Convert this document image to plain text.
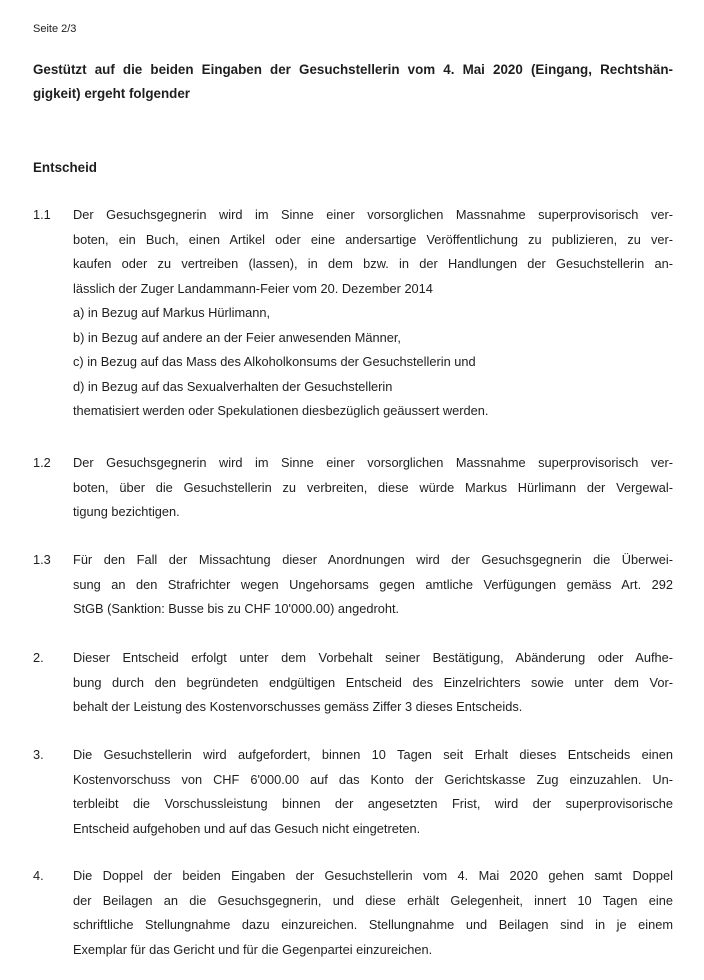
Seite 2/3
Gestützt auf die beiden Eingaben der Gesuchstellerin vom 4. Mai 2020 (Eingang, Rechtshän-
gigkeit) ergeht folgender
Entscheid
1.1 Der Gesuchsgegnerin wird im Sinne einer vorsorglichen Massnahme superprovisorisch ver-
boten, ein Buch, einen Artikel oder eine andersartige Veröffentlichung zu publizieren, zu ver-
kaufen oder zu vertreiben (lassen), in dem bzw. in der Handlungen der Gesuchstellerin an-
lässlich der Zuger Landammann-Feier vom 20. Dezember 2014
a) in Bezug auf Markus Hürlimann,
b) in Bezug auf andere an der Feier anwesenden Männer,
c) in Bezug auf das Mass des Alkoholkonsums der Gesuchstellerin und
d) in Bezug auf das Sexualverhalten der Gesuchstellerin
thematisiert werden oder Spekulationen diesbezüglich geäussert werden.
1.2 Der Gesuchsgegnerin wird im Sinne einer vorsorglichen Massnahme superprovisorisch ver-
boten, über die Gesuchstellerin zu verbreiten, diese würde Markus Hürlimann der Vergewal-
tigung bezichtigen.
1.3 Für den Fall der Missachtung dieser Anordnungen wird der Gesuchsgegnerin die Überwei-
sung an den Strafrichter wegen Ungehorsams gegen amtliche Verfügungen gemäss Art. 292
StGB (Sanktion: Busse bis zu CHF 10'000.00) angedroht.
2. Dieser Entscheid erfolgt unter dem Vorbehalt seiner Bestätigung, Abänderung oder Aufhe-
bung durch den begründeten endgültigen Entscheid des Einzelrichters sowie unter dem Vor-
behalt der Leistung des Kostenvorschusses gemäss Ziffer 3 dieses Entscheids.
3. Die Gesuchstellerin wird aufgefordert, binnen 10 Tagen seit Erhalt dieses Entscheids einen
Kostenvorschuss von CHF 6'000.00 auf das Konto der Gerichtskasse Zug einzuzahlen. Un-
terbleibt die Vorschussleistung binnen der angesetzten Frist, wird der superprovisorische
Entscheid aufgehoben und auf das Gesuch nicht eingetreten.
4. Die Doppel der beiden Eingaben der Gesuchstellerin vom 4. Mai 2020 gehen samt Doppel
der Beilagen an die Gesuchsgegnerin, und diese erhält Gelegenheit, innert 10 Tagen eine
schriftliche Stellungnahme dazu einzureichen. Stellungnahme und Beilagen sind in je einem
Exemplar für das Gericht und für die Gegenpartei einzureichen.
